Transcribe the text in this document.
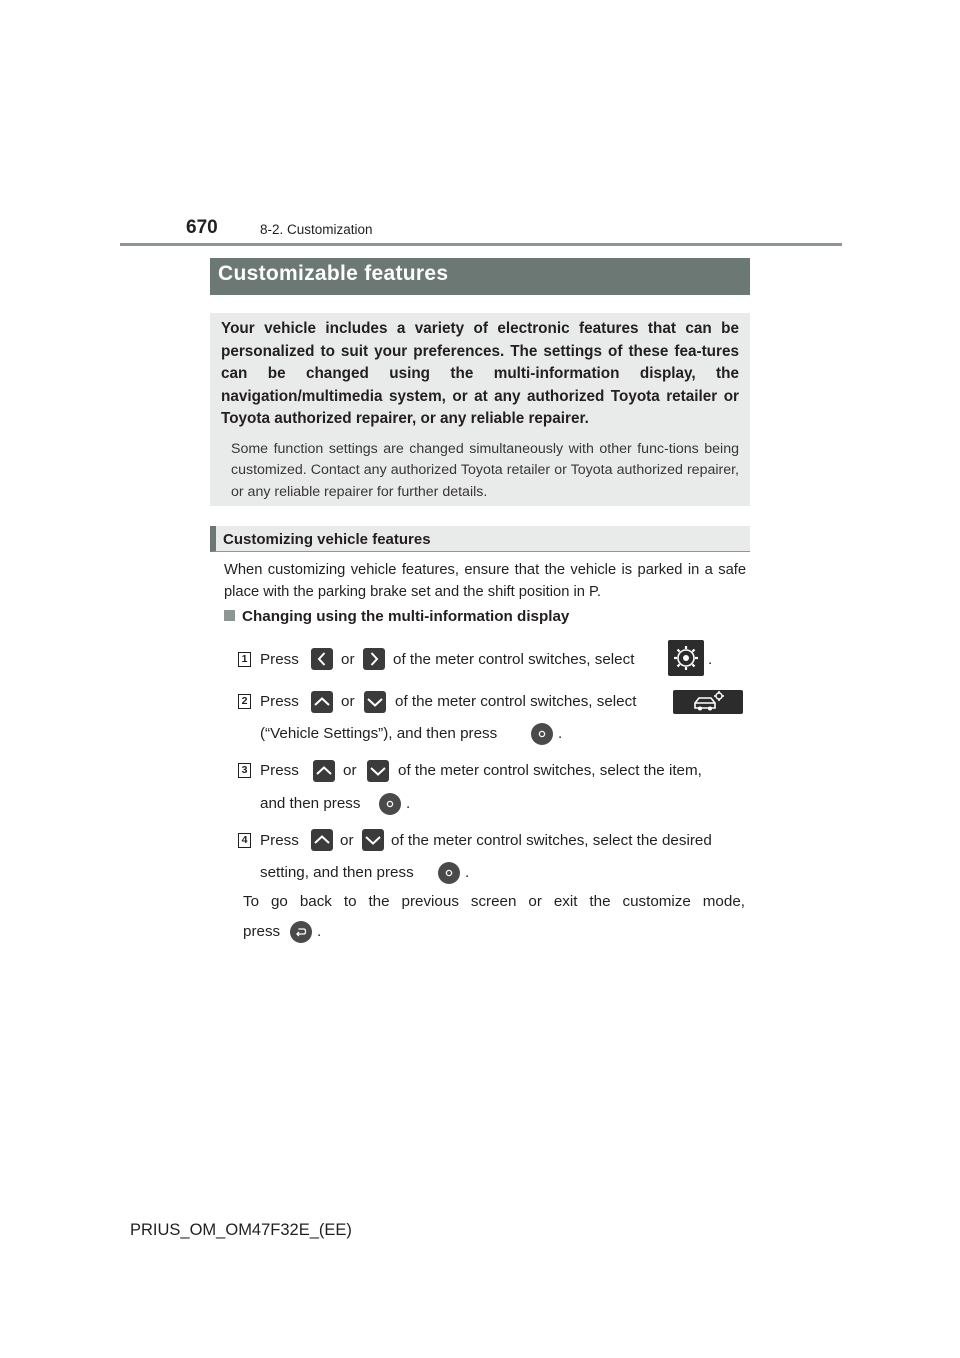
670	8-2. Customization
Customizable features
Your vehicle includes a variety of electronic features that can be personalized to suit your preferences. The settings of these fea-tures can be changed using the multi-information display, the navigation/multimedia system, or at any authorized Toyota retailer or Toyota authorized repairer, or any reliable repairer.
Some function settings are changed simultaneously with other func-tions being customized. Contact any authorized Toyota retailer or Toyota authorized repairer, or any reliable repairer for further details.
Customizing vehicle features
When customizing vehicle features, ensure that the vehicle is parked in a safe place with the parking brake set and the shift position in P.
Changing using the multi-information display
1 Press	or	of the meter control switches, select	.
2 Press	or	of the meter control switches, select
(“Vehicle Settings”), and then press	.
3 Press	or	of the meter control switches, select the item,
and then press	.
4 Press	or of the meter control switches, select the desired
setting, and then press	.
To go back to the previous screen or exit the customize mode,
press .
PRIUS_OM_OM47F32E_(EE)
